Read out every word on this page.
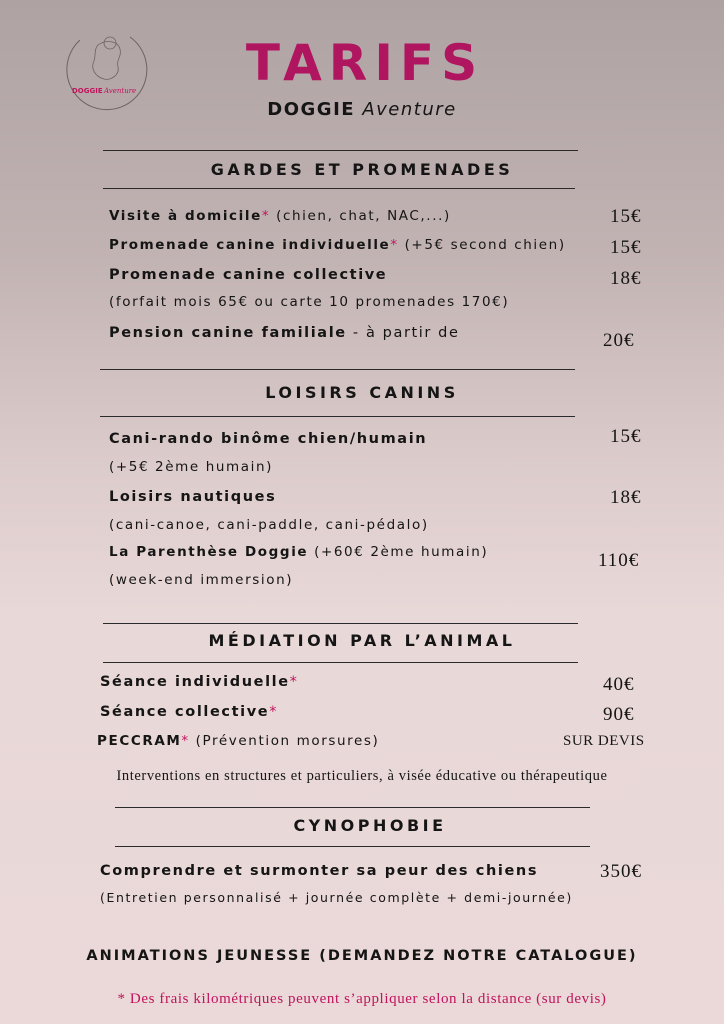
DOGGIE Aventure	TARIFS
DOGGIE Aventure
GARDES ET PROMENADES
Visite à domicile* (chien, chat, NAC,...)	15€
Promenade canine individuelle* (+5€ second chien) 15€
Promenade canine collective	18€
(forfait mois 65€ ou carte 10 promenades 170€)
Pension canine familiale - à partir de	20€
LOISIRS CANINS
Cani-rando binôme chien/humain	15€
(+5€ 2ème humain)
Loisirs nautiques	18€
(cani-canoe, cani-paddle, cani-pédalo)
La Parenthèse Doggie (+60€ 2ème humain)	110€
(week-end immersion)
MÉDIATION PAR L’ANIMAL
Séance individuelle*	40€
Séance collective*	90€
PECCRAM* (Prévention morsures)	SUR DEVIS
Interventions en structures et particuliers, à visée éducative ou thérapeutique
CYNOPHOBIE
Comprendre et surmonter sa peur des chiens	350€
(Entretien personnalisé + journée complète + demi-journée)
ANIMATIONS JEUNESSE (DEMANDEZ NOTRE CATALOGUE)
* Des frais kilométriques peuvent s’appliquer selon la distance (sur devis)
